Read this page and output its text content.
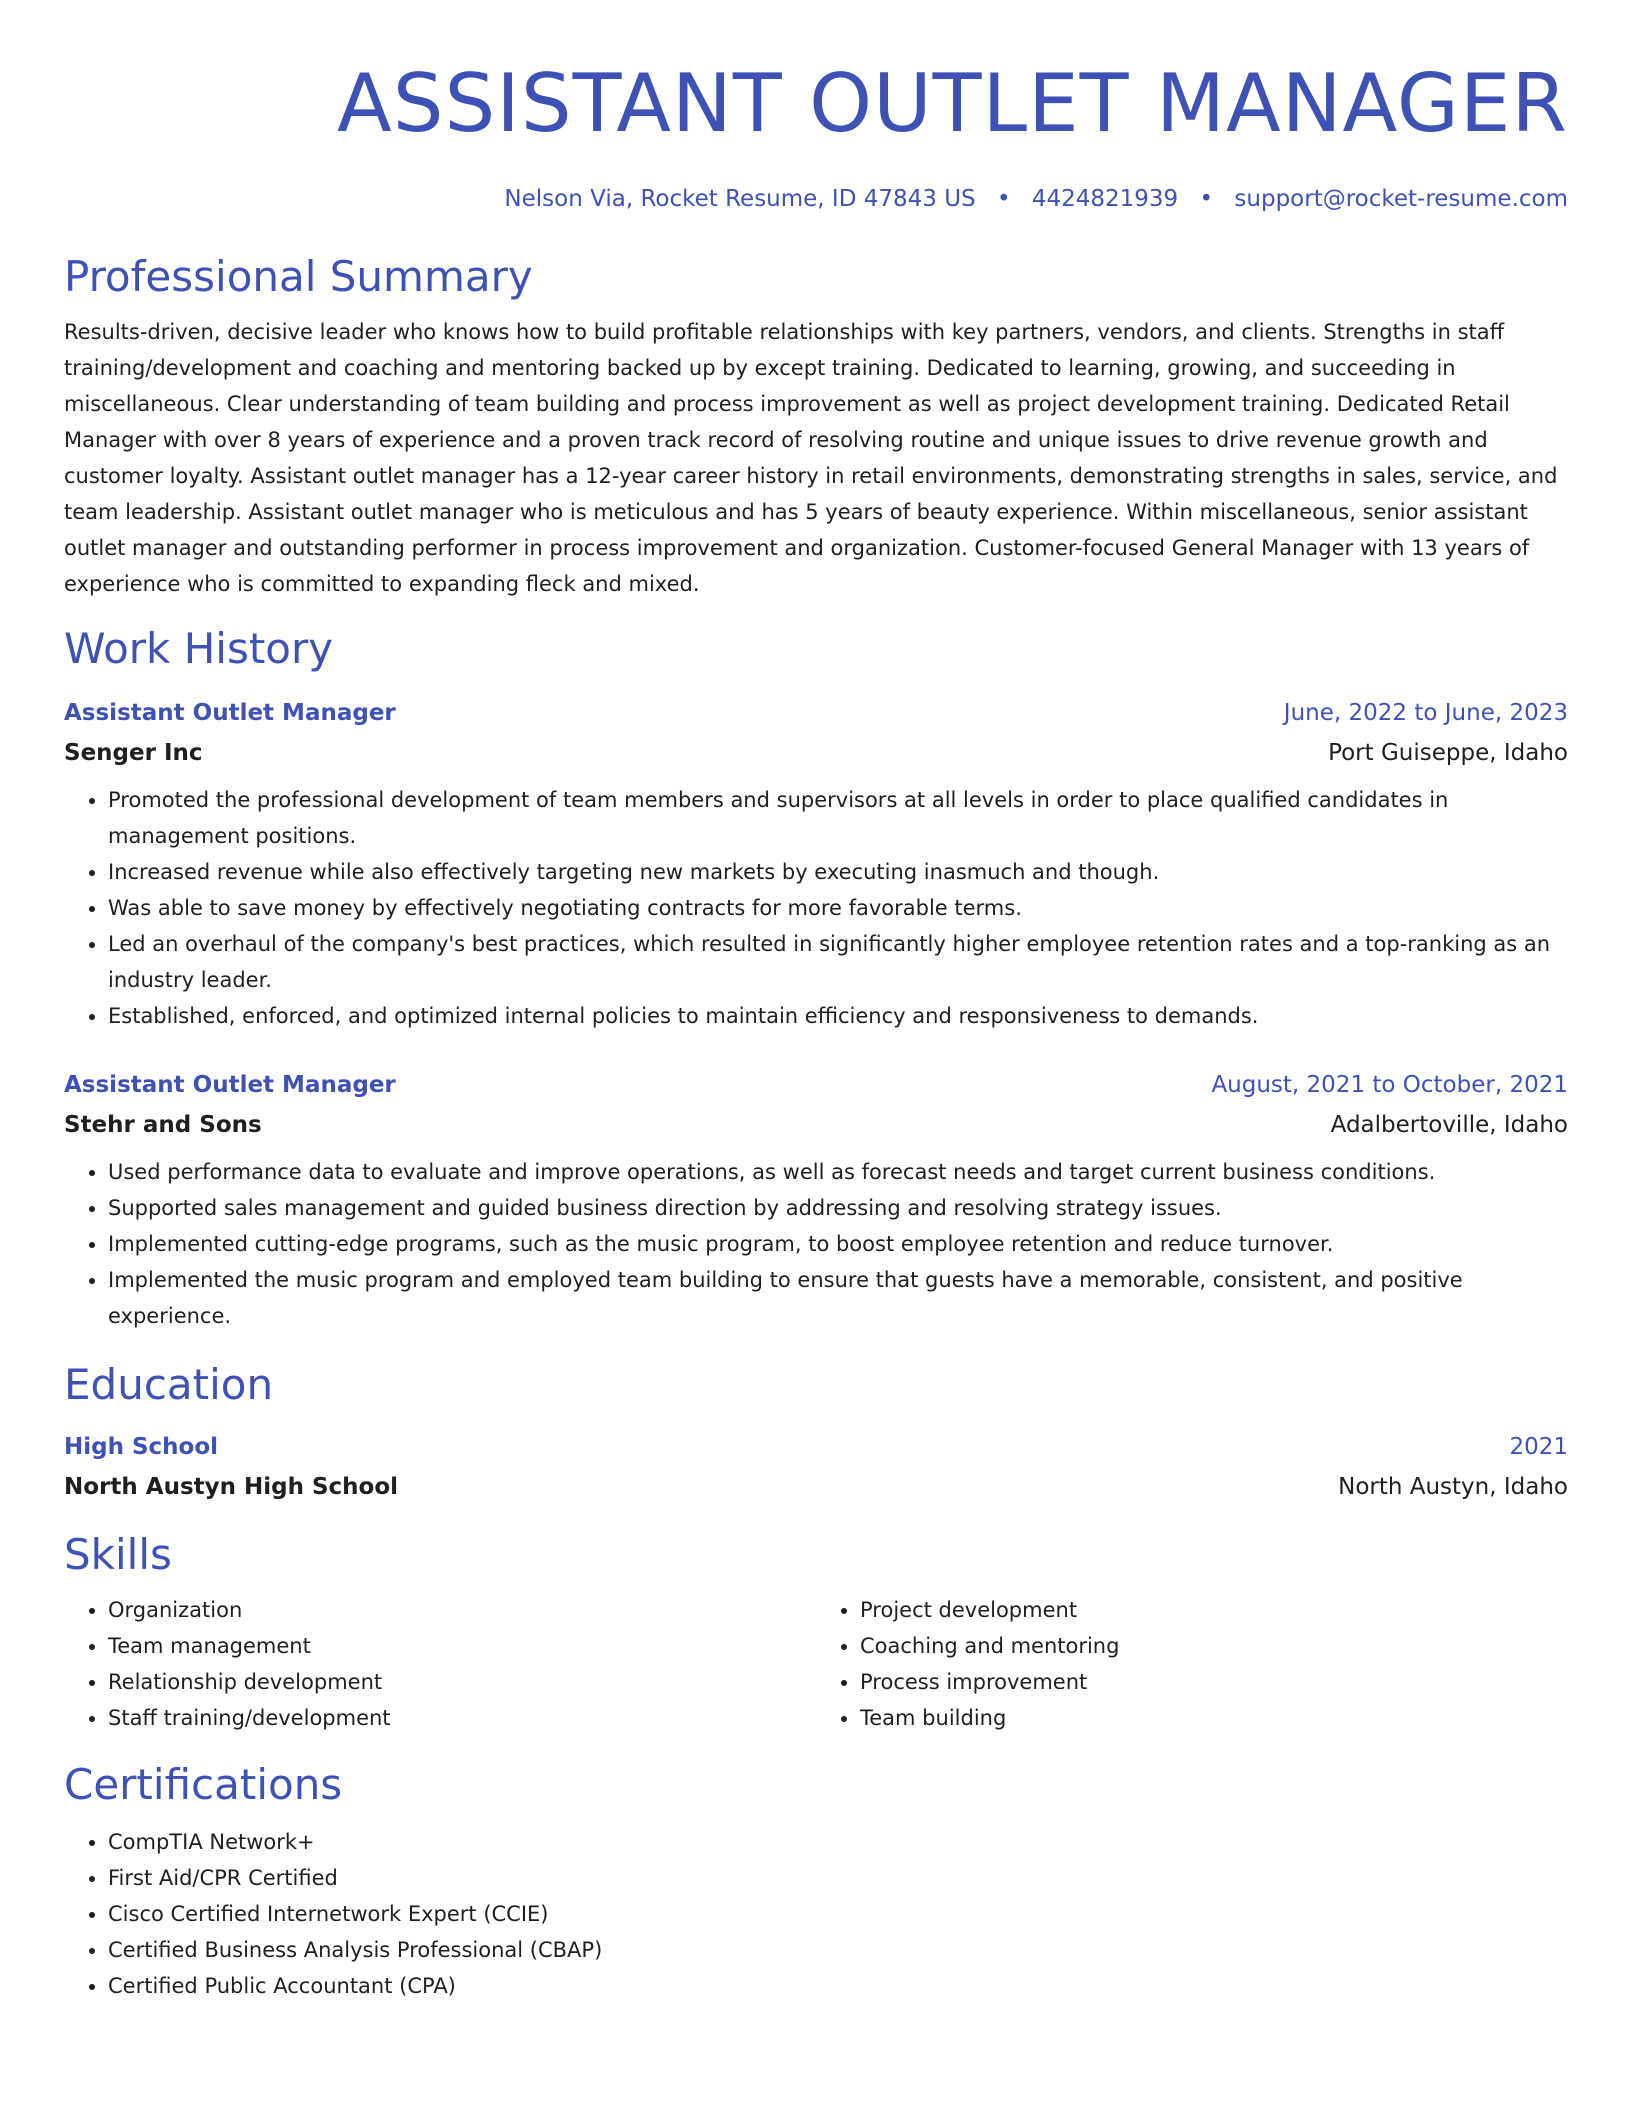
ASSISTANT OUTLET MANAGER
Nelson Via, Rocket Resume, ID 47843 US • 4424821939 • support@rocket-resume.com
Professional Summary
Results-driven, decisive leader who knows how to build profitable relationships with key partners, vendors, and clients. Strengths in staff training/development and coaching and mentoring backed up by except training. Dedicated to learning, growing, and succeeding in miscellaneous. Clear understanding of team building and process improvement as well as project development training. Dedicated Retail Manager with over 8 years of experience and a proven track record of resolving routine and unique issues to drive revenue growth and customer loyalty. Assistant outlet manager has a 12-year career history in retail environments, demonstrating strengths in sales, service, and team leadership. Assistant outlet manager who is meticulous and has 5 years of beauty experience. Within miscellaneous, senior assistant outlet manager and outstanding performer in process improvement and organization. Customer-focused General Manager with 13 years of experience who is committed to expanding fleck and mixed.
Work History
Assistant Outlet Manager	June, 2022 to June, 2023
Senger Inc	Port Guiseppe, Idaho
• Promoted the professional development of team members and supervisors at all levels in order to place qualified candidates in management positions.
• Increased revenue while also effectively targeting new markets by executing inasmuch and though.
• Was able to save money by effectively negotiating contracts for more favorable terms.
• Led an overhaul of the company's best practices, which resulted in significantly higher employee retention rates and a top-ranking as an industry leader.
• Established, enforced, and optimized internal policies to maintain efficiency and responsiveness to demands.
Assistant Outlet Manager	August, 2021 to October, 2021
Stehr and Sons	Adalbertoville, Idaho
• Used performance data to evaluate and improve operations, as well as forecast needs and target current business conditions.
• Supported sales management and guided business direction by addressing and resolving strategy issues.
• Implemented cutting-edge programs, such as the music program, to boost employee retention and reduce turnover.
• Implemented the music program and employed team building to ensure that guests have a memorable, consistent, and positive experience.
Education
High School	2021
North Austyn High School	North Austyn, Idaho
Skills
• Organization
• Team management
• Relationship development
• Staff training/development
• Project development
• Coaching and mentoring
• Process improvement
• Team building
Certifications
• CompTIA Network+
• First Aid/CPR Certified
• Cisco Certified Internetwork Expert (CCIE)
• Certified Business Analysis Professional (CBAP)
• Certified Public Accountant (CPA)
